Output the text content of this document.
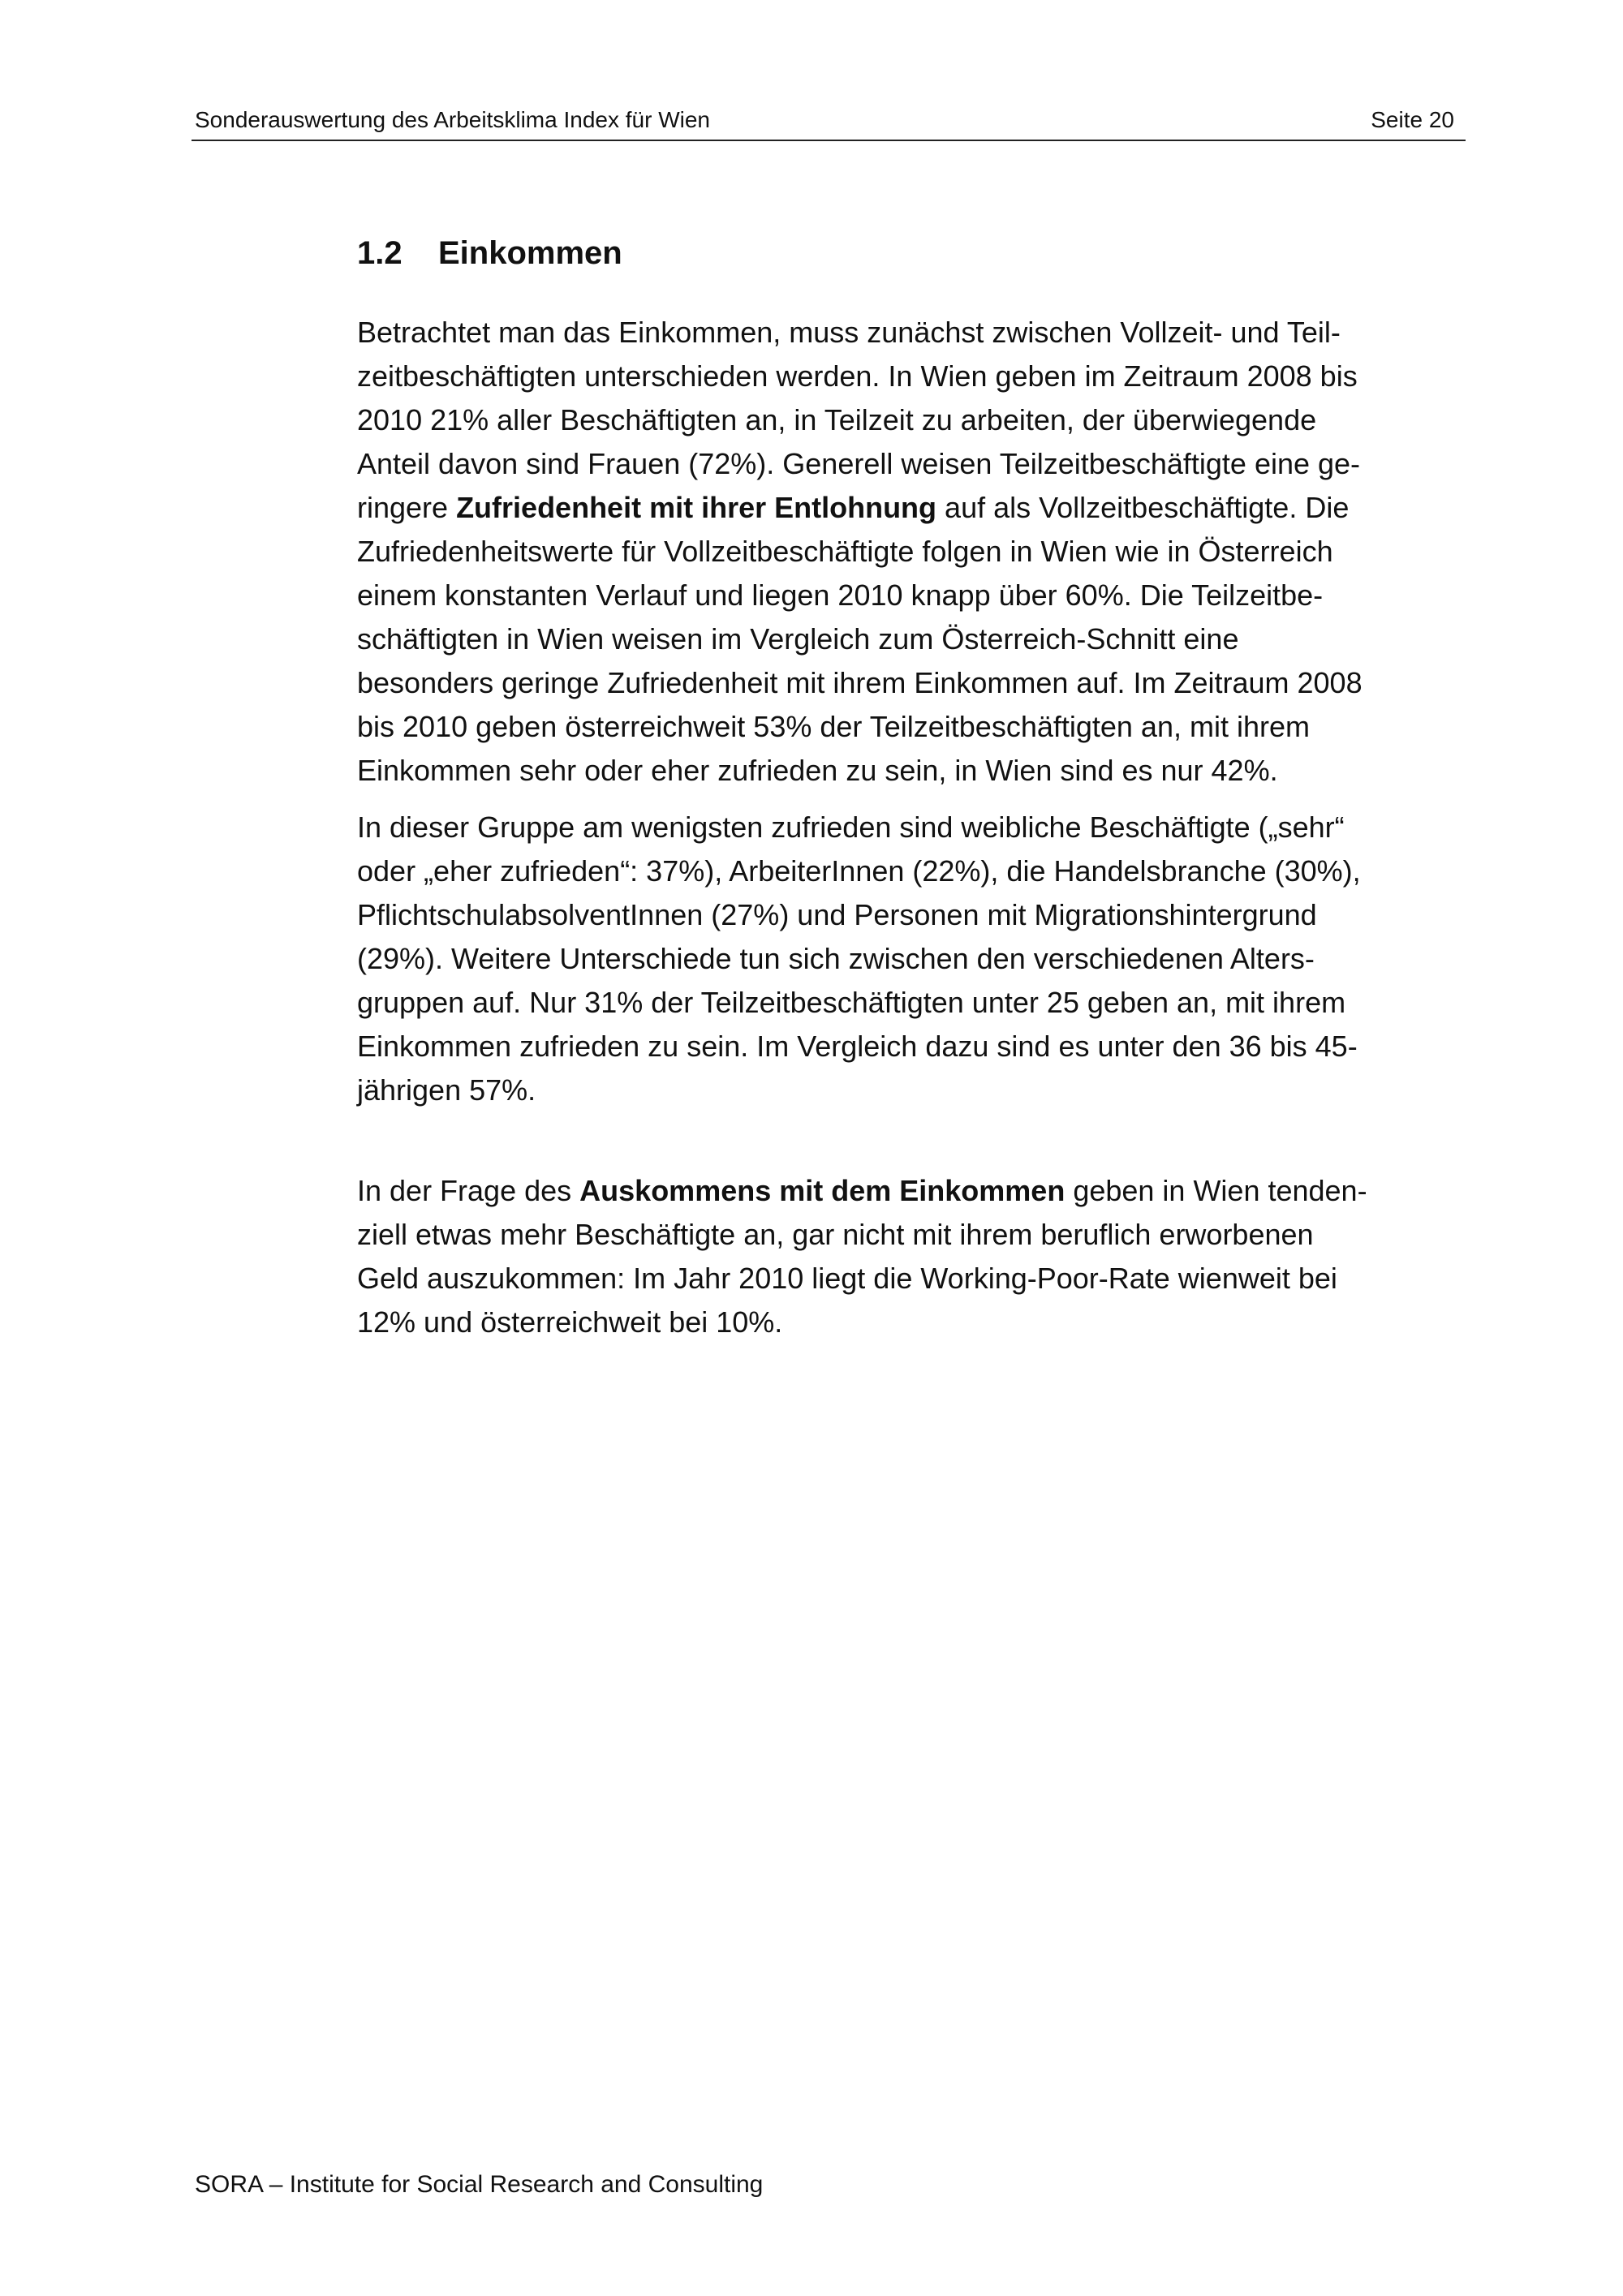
Sonderauswertung des Arbeitsklima Index für Wien	Seite 20
1.2	Einkommen

Betrachtet man das Einkommen, muss zunächst zwischen Vollzeit- und Teil-
zeitbeschäftigten unterschieden werden. In Wien geben im Zeitraum 2008 bis
2010 21% aller Beschäftigten an, in Teilzeit zu arbeiten, der überwiegende
Anteil davon sind Frauen (72%). Generell weisen Teilzeitbeschäftigte eine ge-
ringere Zufriedenheit mit ihrer Entlohnung auf als Vollzeitbeschäftigte. Die
Zufriedenheitswerte für Vollzeitbeschäftigte folgen in Wien wie in Österreich
einem konstanten Verlauf und liegen 2010 knapp über 60%. Die Teilzeitbe-
schäftigten in Wien weisen im Vergleich zum Österreich-Schnitt eine
besonders geringe Zufriedenheit mit ihrem Einkommen auf. Im Zeitraum 2008
bis 2010 geben österreichweit 53% der Teilzeitbeschäftigten an, mit ihrem
Einkommen sehr oder eher zufrieden zu sein, in Wien sind es nur 42%.

In dieser Gruppe am wenigsten zufrieden sind weibliche Beschäftigte („sehr“
oder „eher zufrieden“: 37%), ArbeiterInnen (22%), die Handelsbranche (30%),
PflichtschulabsolventInnen (27%) und Personen mit Migrationshintergrund
(29%). Weitere Unterschiede tun sich zwischen den verschiedenen Alters-
gruppen auf. Nur 31% der Teilzeitbeschäftigten unter 25 geben an, mit ihrem
Einkommen zufrieden zu sein. Im Vergleich dazu sind es unter den 36 bis 45-
jährigen 57%.

In der Frage des Auskommens mit dem Einkommen geben in Wien tenden-
ziell etwas mehr Beschäftigte an, gar nicht mit ihrem beruflich erworbenen
Geld auszukommen: Im Jahr 2010 liegt die Working-Poor-Rate wienweit bei
12% und österreichweit bei 10%.

SORA – Institute for Social Research and Consulting
